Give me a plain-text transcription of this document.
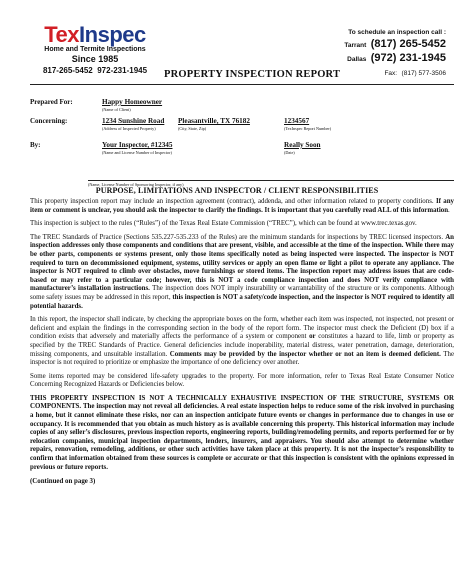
TexInspec
Home and Termite Inspections
Since 1985
817-265-5452 972-231-1945
To schedule an inspection call :
Tarrant (817) 265-5452
Dallas (972) 231-1945
Fax: (817) 577-3506
PROPERTY INSPECTION REPORT
Prepared For:	Happy Homeowner
(Name of Client)
Concerning:	1234 Sunshine Road
(Address of Inspected Property)
Pleasantville, TX 76182
(City, State, Zip)
1234567
(TexInspec Report Number)
By:	Your Inspector, #12345
(Name and License Number of Inspector)
Really Soon
(Date)
(Name, License Number of Sponsoring Inspector, if any)
PURPOSE, LIMITATIONS AND INSPECTOR / CLIENT RESPONSIBILITIES

This property inspection report may include an inspection agreement (contract), addenda, and other information related to property conditions. If any item or comment is unclear, you should ask the inspector to clarify the findings. It is important that you carefully read ALL of this information.

This inspection is subject to the rules (“Rules”) of the Texas Real Estate Commission (“TREC”), which can be found at www.trec.texas.gov.

The TREC Standards of Practice (Sections 535.227-535.233 of the Rules) are the minimum standards for inspections by TREC licensed inspectors. An inspection addresses only those components and conditions that are present, visible, and accessible at the time of the inspection. While there may be other parts, components or systems present, only those items specifically noted as being inspected were inspected. The inspector is NOT required to turn on decommissioned equipment, systems, utility services or apply an open flame or light a pilot to operate any appliance. The inspector is NOT required to climb over obstacles, move furnishings or stored items. The inspection report may address issues that are code-based or may refer to a particular code; however, this is NOT a code compliance inspection and does NOT verify compliance with manufacturer’s installation instructions. The inspection does NOT imply insurability or warrantability of the structure or its components. Although some safety issues may be addressed in this report, this inspection is NOT a safety/code inspection, and the inspector is NOT required to identify all potential hazards.

In this report, the inspector shall indicate, by checking the appropriate boxes on the form, whether each item was inspected, not inspected, not present or deficient and explain the findings in the corresponding section in the body of the report form. The inspector must check the Deficient (D) box if a condition exists that adversely and materially affects the performance of a system or component or constitutes a hazard to life, limb or property as specified by the TREC Standards of Practice. General deficiencies include inoperability, material distress, water penetration, damage, deterioration, missing components, and unsuitable installation. Comments may be provided by the inspector whether or not an item is deemed deficient. The inspector is not required to prioritize or emphasize the importance of one deficiency over another.

Some items reported may be considered life-safety upgrades to the property. For more information, refer to Texas Real Estate Consumer Notice Concerning Recognized Hazards or Deficiencies below.

THIS PROPERTY INSPECTION IS NOT A TECHNICALLY EXHAUSTIVE INSPECTION OF THE STRUCTURE, SYSTEMS OR COMPONENTS. The inspection may not reveal all deficiencies. A real estate inspection helps to reduce some of the risk involved in purchasing a home, but it cannot eliminate these risks, nor can an inspection anticipate future events or changes in performance due to changes in use or occupancy. It is recommended that you obtain as much history as is available concerning this property. This historical information may include copies of any seller’s disclosures, previous inspection reports, engineering reports, building/remodeling permits, and reports performed for or by relocation companies, municipal inspection departments, lenders, insurers, and appraisers. You should also attempt to determine whether repairs, renovation, remodeling, additions, or other such activities have taken place at this property. It is not the inspector’s responsibility to confirm that information obtained from these sources is complete or accurate or that this inspection is consistent with the opinions expressed in previous or future reports.

(Continued on page 3)
